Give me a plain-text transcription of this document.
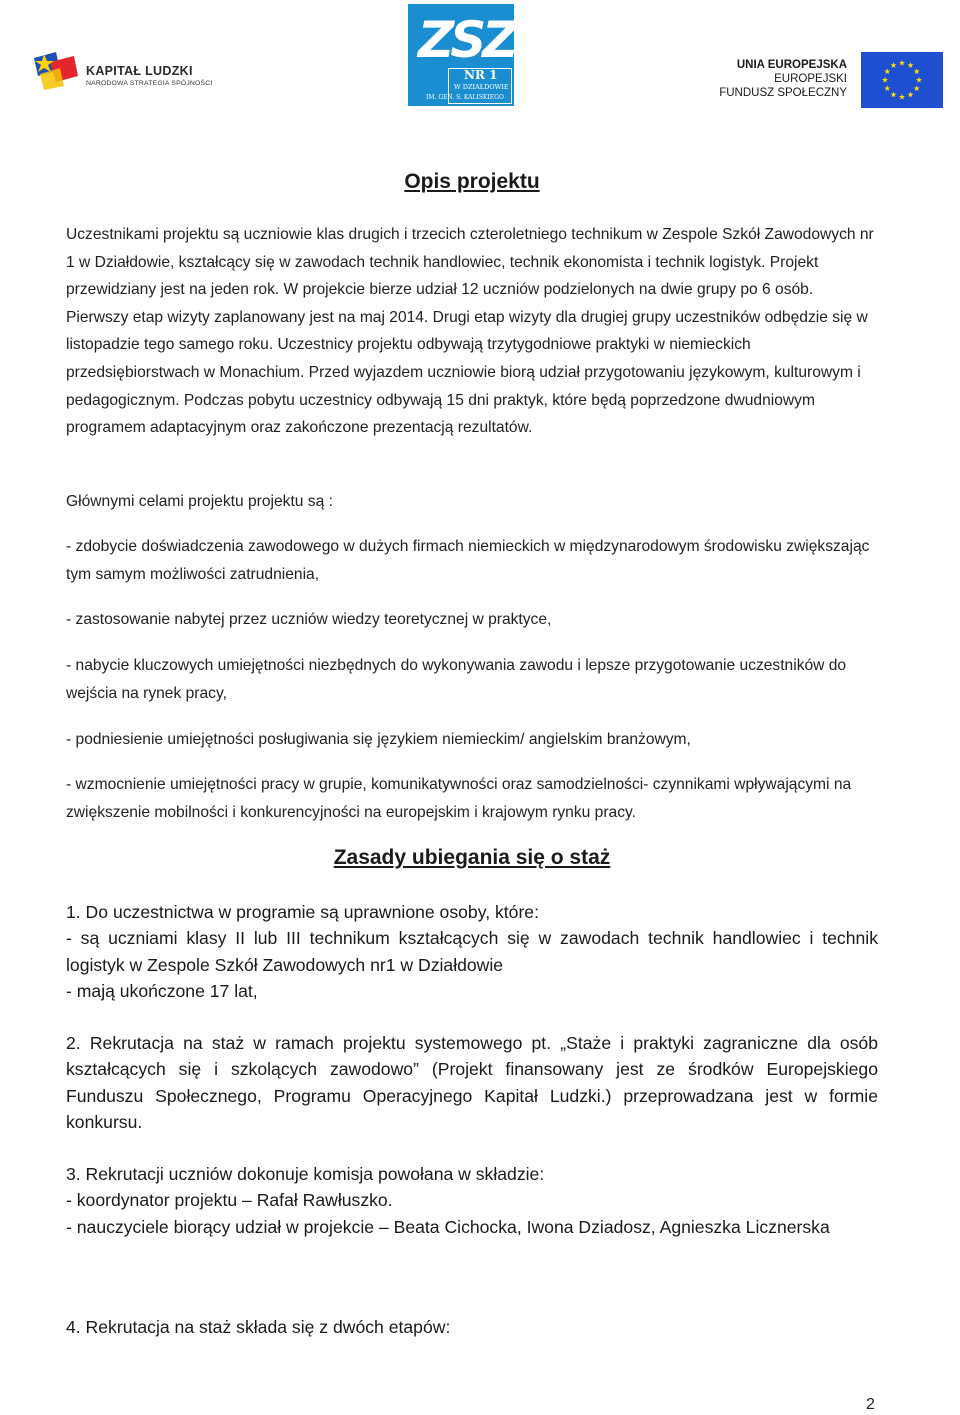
KAPITAŁ LUDZKI
NARODOWA STRATEGIA SPÓJNOŚCI
ZSZ
NR 1
W DZIAŁDOWIE
IM. GEN. S. KALISKIEGO
UNIA EUROPEJSKA
EUROPEJSKI
FUNDUSZ SPOŁECZNY
Opis projektu
Uczestnikami projektu są uczniowie klas drugich i trzecich czteroletniego technikum w Zespole Szkół Zawodowych nr 1 w Działdowie, kształcący się w zawodach technik handlowiec, technik ekonomista i technik logistyk. Projekt przewidziany jest na jeden rok. W projekcie bierze udział 12 uczniów podzielonych na dwie grupy po 6 osób. Pierwszy etap wizyty zaplanowany jest na maj 2014. Drugi etap wizyty dla drugiej grupy uczestników odbędzie się w listopadzie tego samego roku. Uczestnicy projektu odbywają trzytygodniowe praktyki w niemieckich przedsiębiorstwach w Monachium. Przed wyjazdem uczniowie biorą udział przygotowaniu językowym, kulturowym i pedagogicznym. Podczas pobytu uczestnicy odbywają 15 dni praktyk, które będą poprzedzone dwudniowym programem adaptacyjnym oraz zakończone prezentacją rezultatów.
Głównymi celami projektu projektu są :
- zdobycie doświadczenia zawodowego w dużych firmach niemieckich w międzynarodowym środowisku zwiększając tym samym możliwości zatrudnienia,
- zastosowanie nabytej przez uczniów wiedzy teoretycznej w praktyce,
- nabycie kluczowych umiejętności niezbędnych do wykonywania zawodu i lepsze przygotowanie uczestników do wejścia na rynek pracy,
- podniesienie umiejętności posługiwania się językiem niemieckim/ angielskim branżowym,
- wzmocnienie umiejętności pracy w grupie, komunikatywności oraz samodzielności- czynnikami wpływającymi na zwiększenie mobilności i konkurencyjności na europejskim i krajowym rynku pracy.
Zasady ubiegania się o staż
1. Do uczestnictwa w programie są uprawnione osoby, które:
- są uczniami klasy II lub III technikum kształcących się w zawodach technik handlowiec i technik logistyk w Zespole Szkół Zawodowych nr1 w Działdowie
- mają ukończone 17 lat,
2. Rekrutacja na staż w ramach projektu systemowego pt. „Staże i praktyki zagraniczne dla osób kształcących się i szkolących zawodowo” (Projekt finansowany jest ze środków Europejskiego Funduszu Społecznego, Programu Operacyjnego Kapitał Ludzki.) przeprowadzana jest w formie konkursu.
3. Rekrutacji uczniów dokonuje komisja powołana w składzie:
- koordynator projektu – Rafał Rawłuszko.
- nauczyciele biorący udział w projekcie – Beata Cichocka, Iwona Dziadosz, Agnieszka Licznerska
4. Rekrutacja na staż składa się z dwóch etapów:
2
